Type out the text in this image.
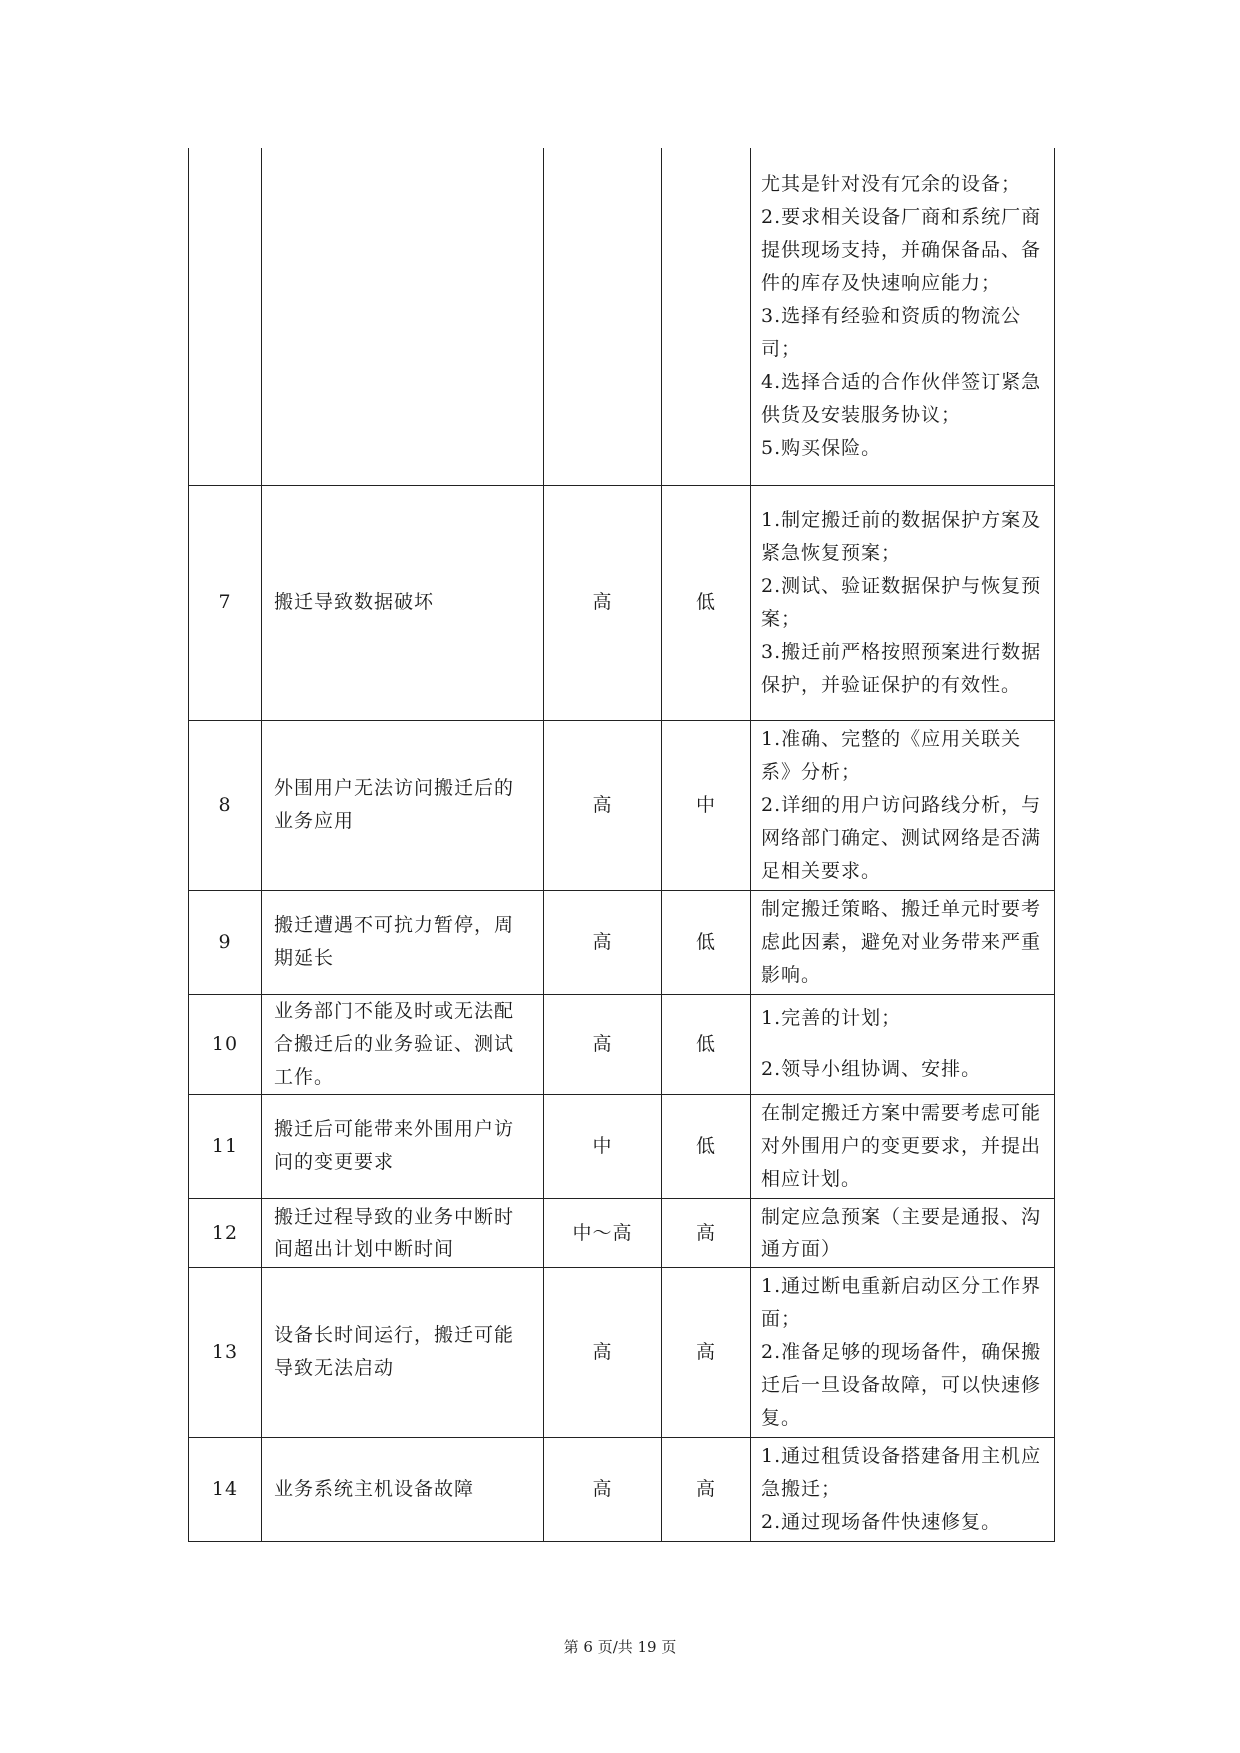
				尤其是针对没有冗余的设备；
2.要求相关设备厂商和系统厂商提供现场支持，并确保备品、备件的库存及快速响应能力；
3.选择有经验和资质的物流公司；
4.选择合适的合作伙伴签订紧急供货及安装服务协议；
5.购买保险。

7	搬迁导致数据破坏	高	低	1.制定搬迁前的数据保护方案及紧急恢复预案；
2.测试、验证数据保护与恢复预案；
3.搬迁前严格按照预案进行数据保护，并验证保护的有效性。

8	外围用户无法访问搬迁后的业务应用	高	中	1.准确、完整的《应用关联关系》分析；
2.详细的用户访问路线分析，与网络部门确定、测试网络是否满足相关要求。

9	搬迁遭遇不可抗力暂停，周期延长	高	低	制定搬迁策略、搬迁单元时要考虑此因素，避免对业务带来严重影响。

10	业务部门不能及时或无法配合搬迁后的业务验证、测试工作。	高	低	1.完善的计划；
2.领导小组协调、安排。

11	搬迁后可能带来外围用户访问的变更要求	中	低	在制定搬迁方案中需要考虑可能对外围用户的变更要求，并提出相应计划。

12	搬迁过程导致的业务中断时间超出计划中断时间	中～高	高	制定应急预案（主要是通报、沟通方面）

13	设备长时间运行，搬迁可能导致无法启动	高	高	1.通过断电重新启动区分工作界面；
2.准备足够的现场备件，确保搬迁后一旦设备故障，可以快速修复。

14	业务系统主机设备故障	高	高	1.通过租赁设备搭建备用主机应急搬迁；
2.通过现场备件快速修复。
第 6 页/共 19 页
